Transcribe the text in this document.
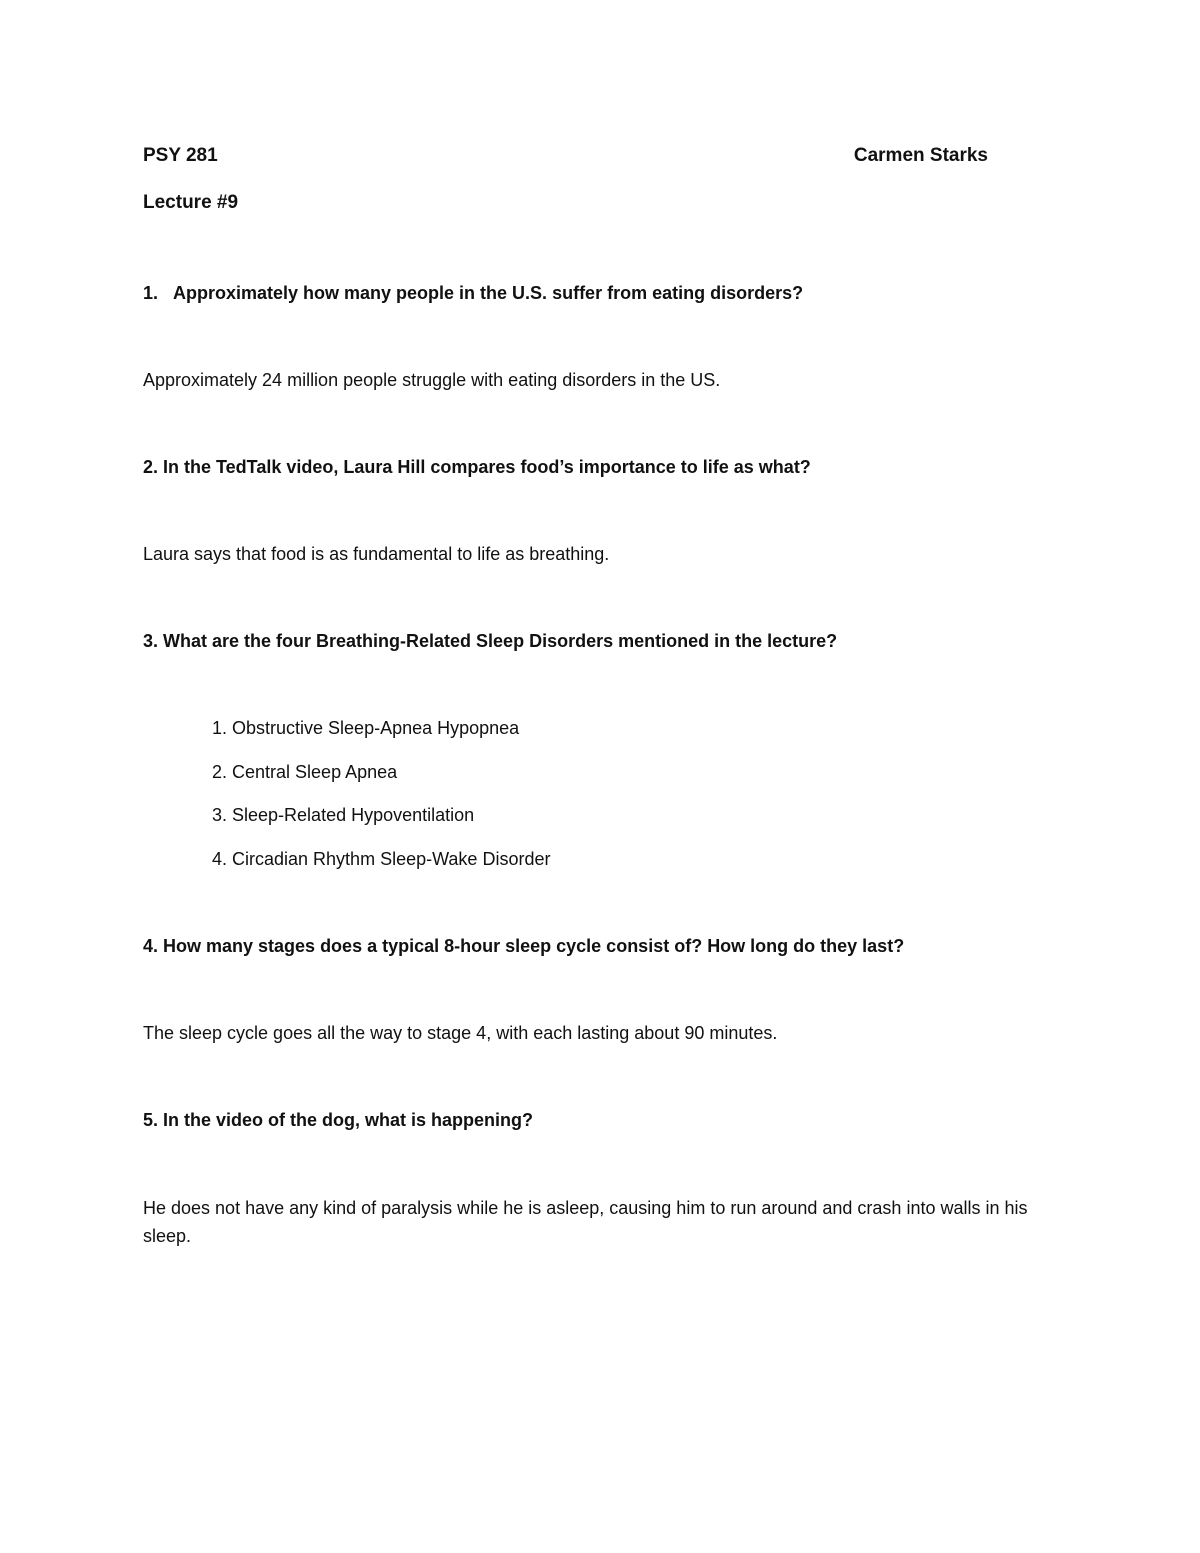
PSY 281	Carmen Starks
Lecture #9
1. Approximately how many people in the U.S. suffer from eating disorders?
Approximately 24 million people struggle with eating disorders in the US.
2. In the TedTalk video, Laura Hill compares food’s importance to life as what?
Laura says that food is as fundamental to life as breathing.
3. What are the four Breathing-Related Sleep Disorders mentioned in the lecture?
1. Obstructive Sleep-Apnea Hypopnea
2. Central Sleep Apnea
3. Sleep-Related Hypoventilation
4. Circadian Rhythm Sleep-Wake Disorder
4. How many stages does a typical 8-hour sleep cycle consist of? How long do they last?
The sleep cycle goes all the way to stage 4, with each lasting about 90 minutes.
5. In the video of the dog, what is happening?
He does not have any kind of paralysis while he is asleep, causing him to run around and crash into walls in his sleep.
